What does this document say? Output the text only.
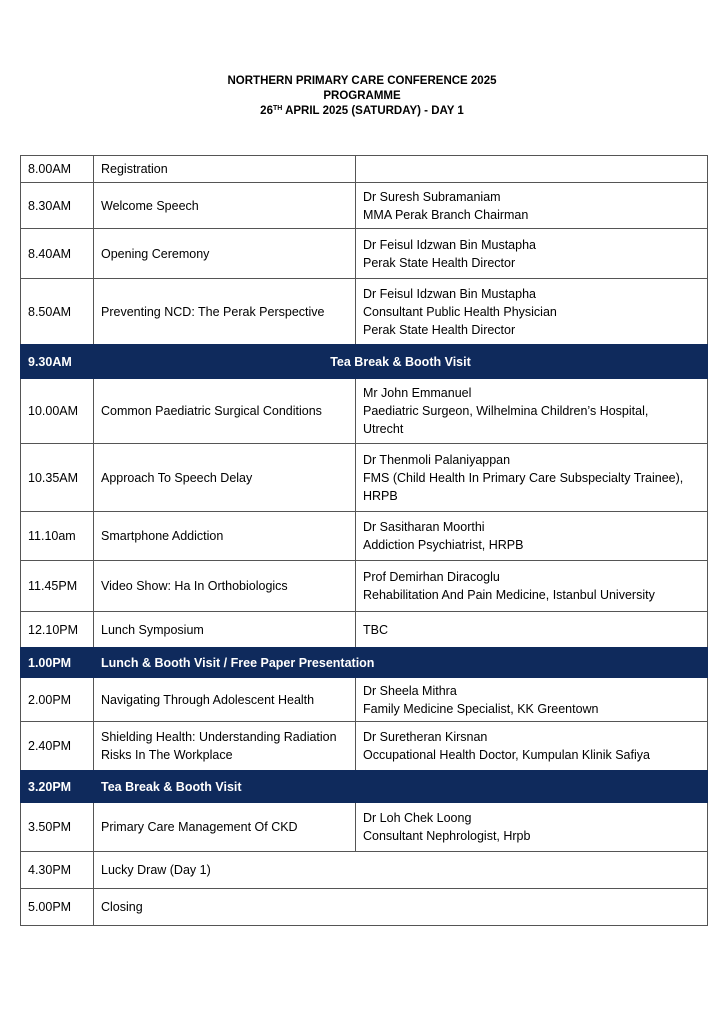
NORTHERN PRIMARY CARE CONFERENCE 2025
PROGRAMME
26TH APRIL 2025 (SATURDAY) - DAY 1
8.00AM	Registration	
8.30AM	Welcome Speech	Dr Suresh Subramaniam
MMA Perak Branch Chairman

8.40AM	Opening Ceremony	Dr Feisul Idzwan Bin Mustapha
Perak State Health Director

8.50AM	Preventing NCD: The Perak Perspective	Dr Feisul Idzwan Bin Mustapha
Consultant Public Health Physician
Perak State Health Director

9.30AM	Tea Break & Booth Visit	
10.00AM	Common Paediatric Surgical Conditions	Mr John Emmanuel
Paediatric Surgeon, Wilhelmina Children’s Hospital,
Utrecht

10.35AM	Approach To Speech Delay	Dr Thenmoli Palaniyappan
FMS (Child Health In Primary Care Subspecialty Trainee),
HRPB

11.10am	Smartphone Addiction	Dr Sasitharan Moorthi
Addiction Psychiatrist, HRPB

11.45PM	Video Show: Ha In Orthobiologics	Prof Demirhan Diracoglu
Rehabilitation And Pain Medicine, Istanbul University

12.10PM	Lunch Symposium	TBC

1.00PM	Lunch & Booth Visit / Free Paper Presentation	
2.00PM	Navigating Through Adolescent Health	Dr Sheela Mithra
Family Medicine Specialist, KK Greentown

2.40PM	Shielding Health: Understanding Radiation Risks In The Workplace	Dr Suretheran Kirsnan
Occupational Health Doctor, Kumpulan Klinik Safiya

3.20PM	Tea Break & Booth Visit	
3.50PM	Primary Care Management Of CKD	Dr Loh Chek Loong
Consultant Nephrologist, Hrpb

4.30PM	Lucky Draw (Day 1)	
5.00PM	Closing	
